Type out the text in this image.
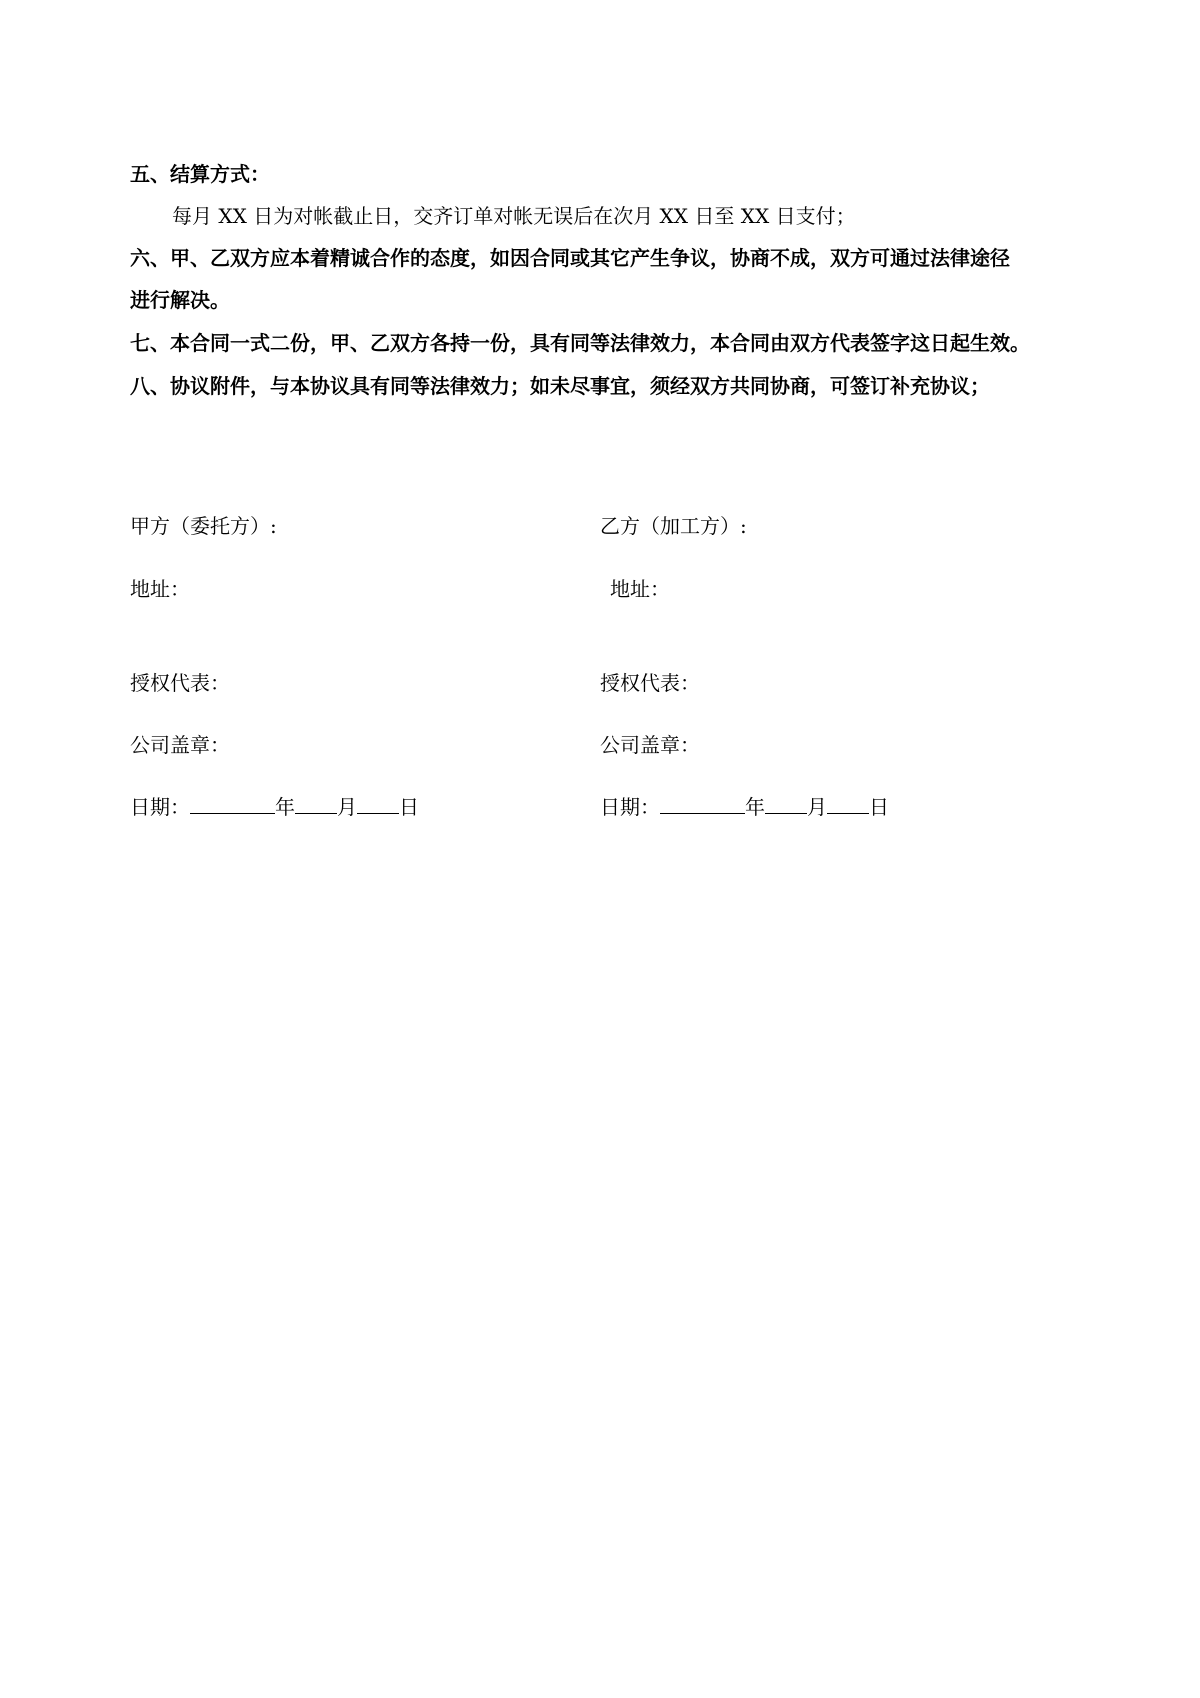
五、结算方式：
每月 XX 日为对帐截止日，交齐订单对帐无误后在次月 XX 日至 XX 日支付；
六、甲、乙双方应本着精诚合作的态度，如因合同或其它产生争议，协商不成，双方可通过法律途径
进行解决。
七、本合同一式二份，甲、乙双方各持一份，具有同等法律效力，本合同由双方代表签字这日起生效。
八、协议附件，与本协议具有同等法律效力；如未尽事宜，须经双方共同协商，可签订补充协议；
甲方（委托方）:
地址：
授权代表：
公司盖章：
日期：	年 月 日
乙方（加工方）:
地址：
授权代表：
公司盖章：
日期：	年 月 日
